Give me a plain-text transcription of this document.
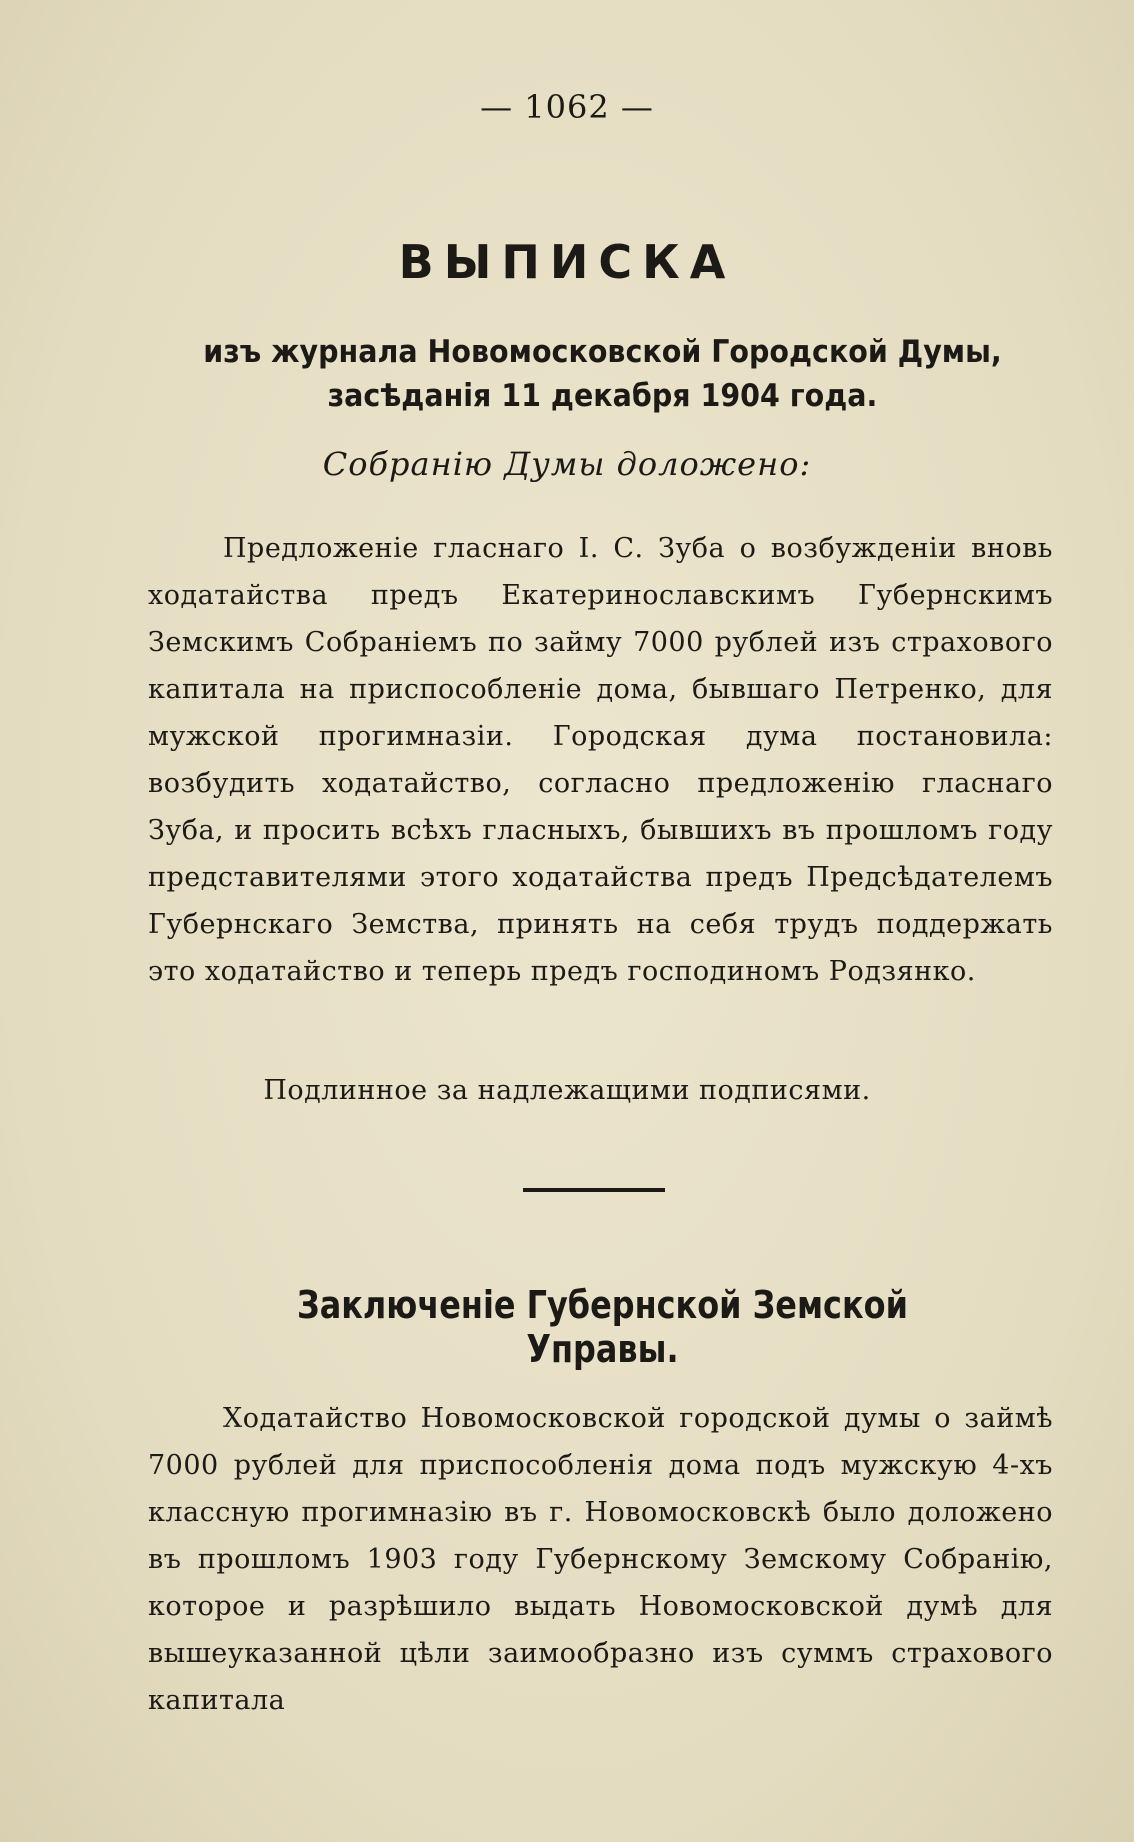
— 1062 —
ВЫПИСКА
изъ журнала Новомосковской Городской Думы, засѣданія 11 декабря 1904 года.
Собранію Думы доложено:
Предложеніе гласнаго І. С. Зуба о возбужденіи вновь ходатайства предъ Екатеринославскимъ Губернскимъ Земскимъ Собраніемъ по займу 7000 рублей изъ страхового капитала на приспособленіе дома, бывшаго Петренко, для мужской прогимназіи. Городская дума постановила: возбудить ходатайство, согласно предложенію гласнаго Зуба, и просить всѣхъ гласныхъ, бывшихъ въ прошломъ году представителями этого ходатайства предъ Предсѣдателемъ Губернскаго Земства, принять на себя трудъ поддержать это ходатайство и теперь предъ господиномъ Родзянко.
Подлинное за надлежащими подписями.
Заключеніе Губернской Земской Управы.
Ходатайство Новомосковской городской думы о займѣ 7000 рублей для приспособленія дома подъ мужскую 4-хъ классную прогимназію въ г. Новомосковскѣ было доложено въ прошломъ 1903 году Губернскому Земскому Собранію, которое и разрѣшило выдать Новомосковской думѣ для вышеуказанной цѣли заимообразно изъ суммъ страхового капитала
